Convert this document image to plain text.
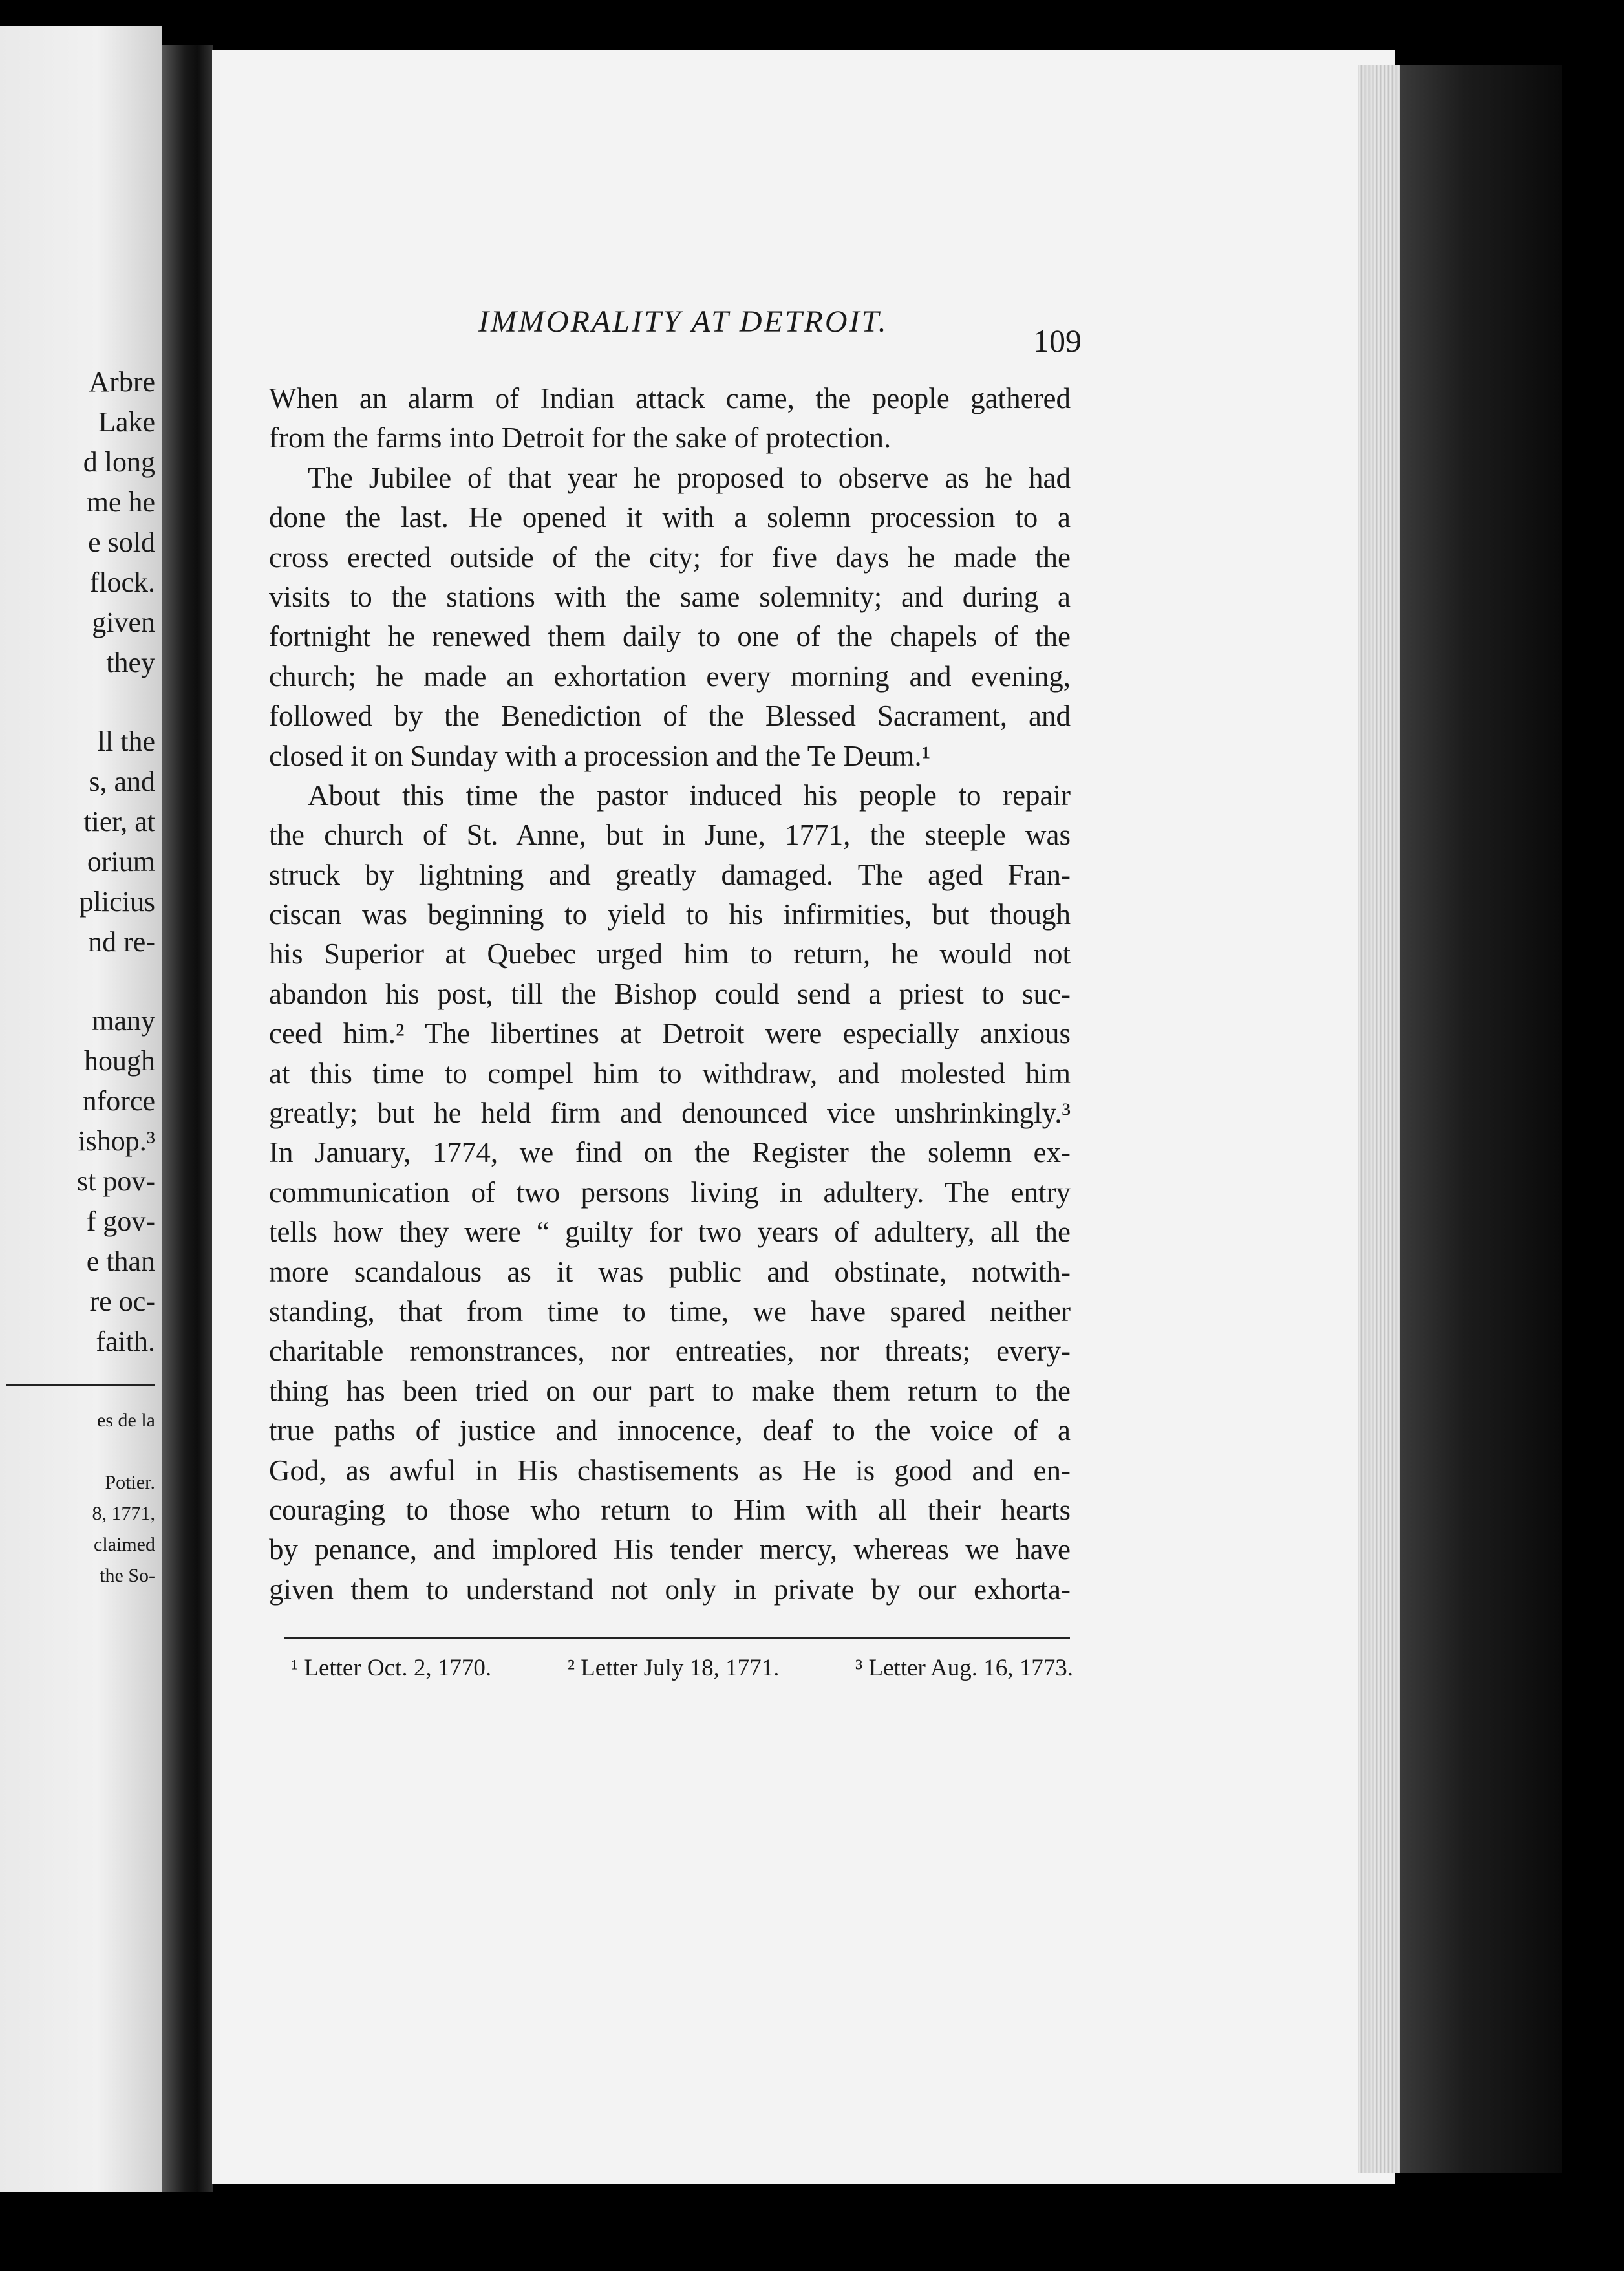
Arbre
Lake
d long
me he
e sold
flock.
given
they
ll the
s, and
tier, at
orium
plicius
nd re-
many
hough
nforce
ishop.³
st pov-
f gov-
e than
re oc-
faith.
es de la
Potier.
8, 1771,
claimed
the So-
IMMORALITY AT DETROIT.
109
When an alarm of Indian attack came, the people gathered
from the farms into Detroit for the sake of protection.
The Jubilee of that year he proposed to observe as he had
done the last. He opened it with a solemn procession to a
cross erected outside of the city; for five days he made the
visits to the stations with the same solemnity; and during a
fortnight he renewed them daily to one of the chapels of the
church; he made an exhortation every morning and evening,
followed by the Benediction of the Blessed Sacrament, and
closed it on Sunday with a procession and the Te Deum.¹
About this time the pastor induced his people to repair
the church of St. Anne, but in June, 1771, the steeple was
struck by lightning and greatly damaged. The aged Fran-
ciscan was beginning to yield to his infirmities, but though
his Superior at Quebec urged him to return, he would not
abandon his post, till the Bishop could send a priest to suc-
ceed him.² The libertines at Detroit were especially anxious
at this time to compel him to withdraw, and molested him
greatly; but he held firm and denounced vice unshrinkingly.³
In January, 1774, we find on the Register the solemn ex-
communication of two persons living in adultery. The entry
tells how they were “ guilty for two years of adultery, all the
more scandalous as it was public and obstinate, notwith-
standing, that from time to time, we have spared neither
charitable remonstrances, nor entreaties, nor threats; every-
thing has been tried on our part to make them return to the
true paths of justice and innocence, deaf to the voice of a
God, as awful in His chastisements as He is good and en-
couraging to those who return to Him with all their hearts
by penance, and implored His tender mercy, whereas we have
given them to understand not only in private by our exhorta-
¹ Letter Oct. 2, 1770.	² Letter July 18, 1771.	³ Letter Aug. 16, 1773.
